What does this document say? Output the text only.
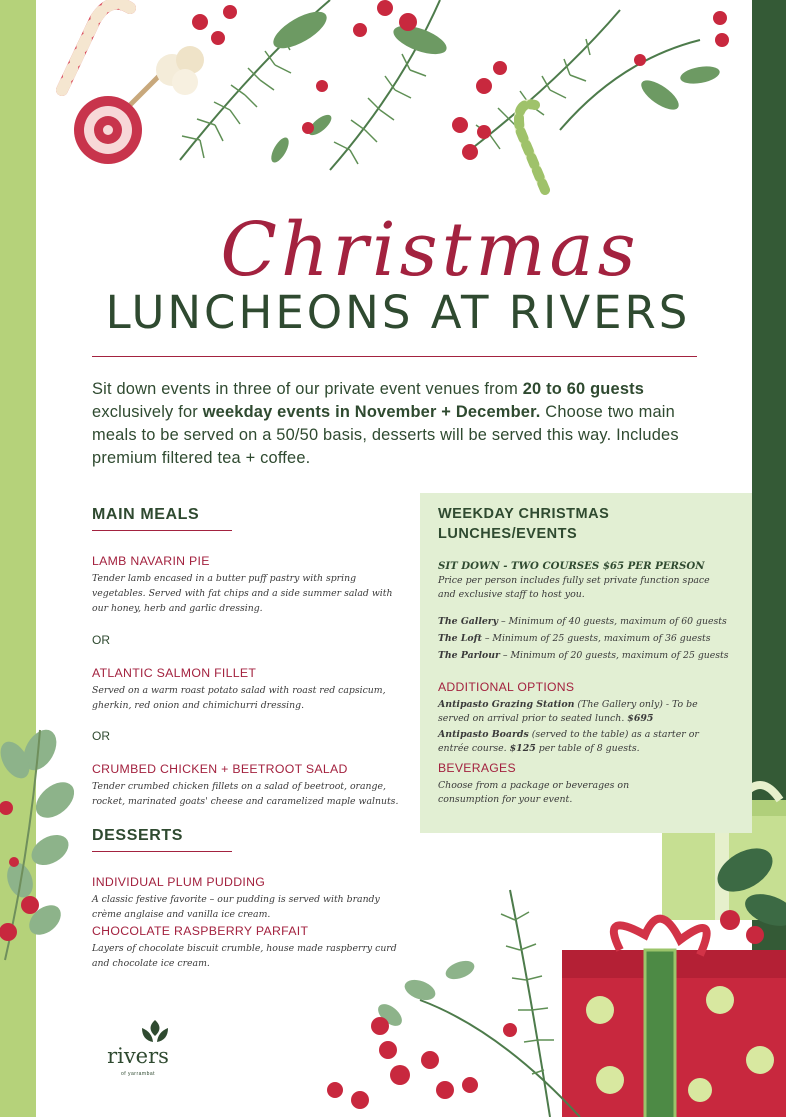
Christmas
LUNCHEONS AT RIVERS
Sit down events in three of our private event venues from 20 to 60 guests exclusively for weekday events in November + December. Choose two main meals to be served on a 50/50 basis, desserts will be served this way. Includes premium filtered tea + coffee.
MAIN MEALS
LAMB NAVARIN PIE
Tender lamb encased in a butter puff pastry with spring vegetables. Served with fat chips and a side summer salad with our honey, herb and garlic dressing.
OR
ATLANTIC SALMON FILLET
Served on a warm roast potato salad with roast red capsicum, gherkin, red onion and chimichurri dressing.
OR
CRUMBED CHICKEN + BEETROOT SALAD
Tender crumbed chicken fillets on a salad of beetroot, orange, rocket, marinated goats' cheese and caramelized maple walnuts.
DESSERTS
INDIVIDUAL PLUM PUDDING
A classic festive favorite – our pudding is served with brandy crème anglaise and vanilla ice cream.
CHOCOLATE RASPBERRY PARFAIT
Layers of chocolate biscuit crumble, house made raspberry curd and chocolate ice cream.
WEEKDAY CHRISTMAS
LUNCHES/EVENTS
SIT DOWN - TWO COURSES $65 PER PERSON
Price per person includes fully set private function space and exclusive staff to host you.
The Gallery – Minimum of 40 guests, maximum of 60 guests
The Loft – Minimum of 25 guests, maximum of 36 guests
The Parlour – Minimum of 20 guests, maximum of 25 guests
ADDITIONAL OPTIONS
Antipasto Grazing Station (The Gallery only) - To be served on arrival prior to seated lunch. $695
Antipasto Boards (served to the table) as a starter or entrée course. $125 per table of 8 guests.
BEVERAGES
Choose from a package or beverages on consumption for your event.
rivers
of yarrambat
